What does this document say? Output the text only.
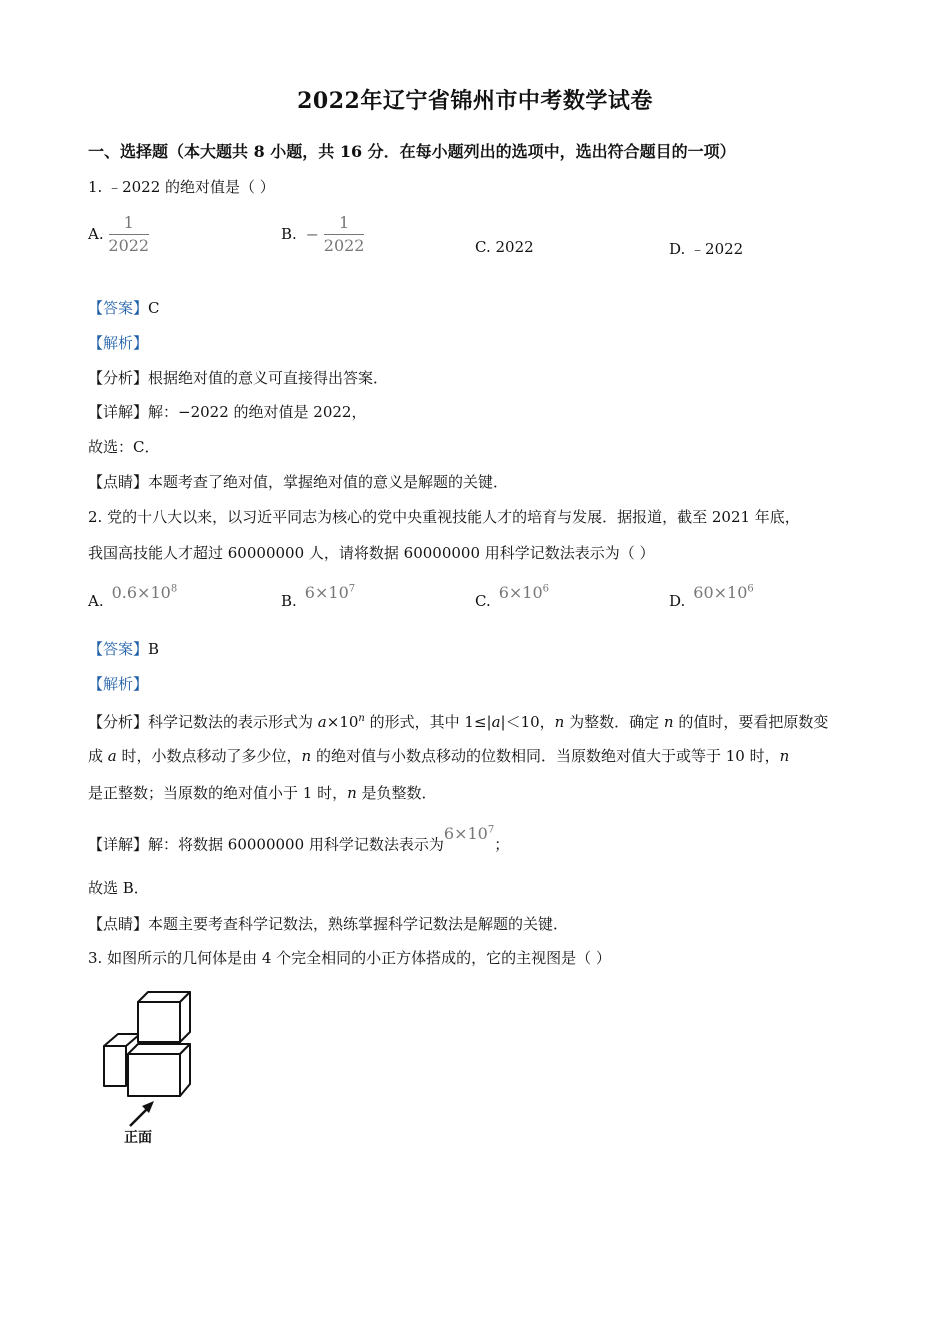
2022年辽宁省锦州市中考数学试卷
一、选择题（本大题共 8 小题，共 16 分．在每小题列出的选项中，选出符合题目的一项）
1. ﹣2022 的绝对值是（ ）
A. $\frac{1}{2022}$	B. − $\frac{1}{2022}$	C. 2022	D. ﹣2022
【答案】C
【解析】
【分析】根据绝对值的意义可直接得出答案．
【详解】解：−2022 的绝对值是 2022，
故选：C．
【点睛】本题考查了绝对值，掌握绝对值的意义是解题的关键．
2. 党的十八大以来，以习近平同志为核心的党中央重视技能人才的培育与发展．据报道，截至 2021 年底，
我国高技能人才超过 60000000 人，请将数据 60000000 用科学记数法表示为（ ）
A. $0.6\times 10^8$
B. $6\times 10^7$
C. $6\times 10^6$
D. $60\times 10^6$
【答案】B
【解析】
【分析】科学记数法的表示形式为 $a\times 10^n$ 的形式，其中 1≤|a|＜10，n 为整数．确定 n 的值时，要看把原数变
成 a 时，小数点移动了多少位，n 的绝对值与小数点移动的位数相同．当原数绝对值大于或等于 10 时，n
是正整数；当原数的绝对值小于 1 时，n 是负整数．
【详解】解：将数据 60000000 用科学记数法表示为$6\times 10^7$；
故选 B．
【点睛】本题主要考查科学记数法，熟练掌握科学记数法是解题的关键．
3. 如图所示的几何体是由 4 个完全相同的小正方体搭成的，它的主视图是（ ）
正面
